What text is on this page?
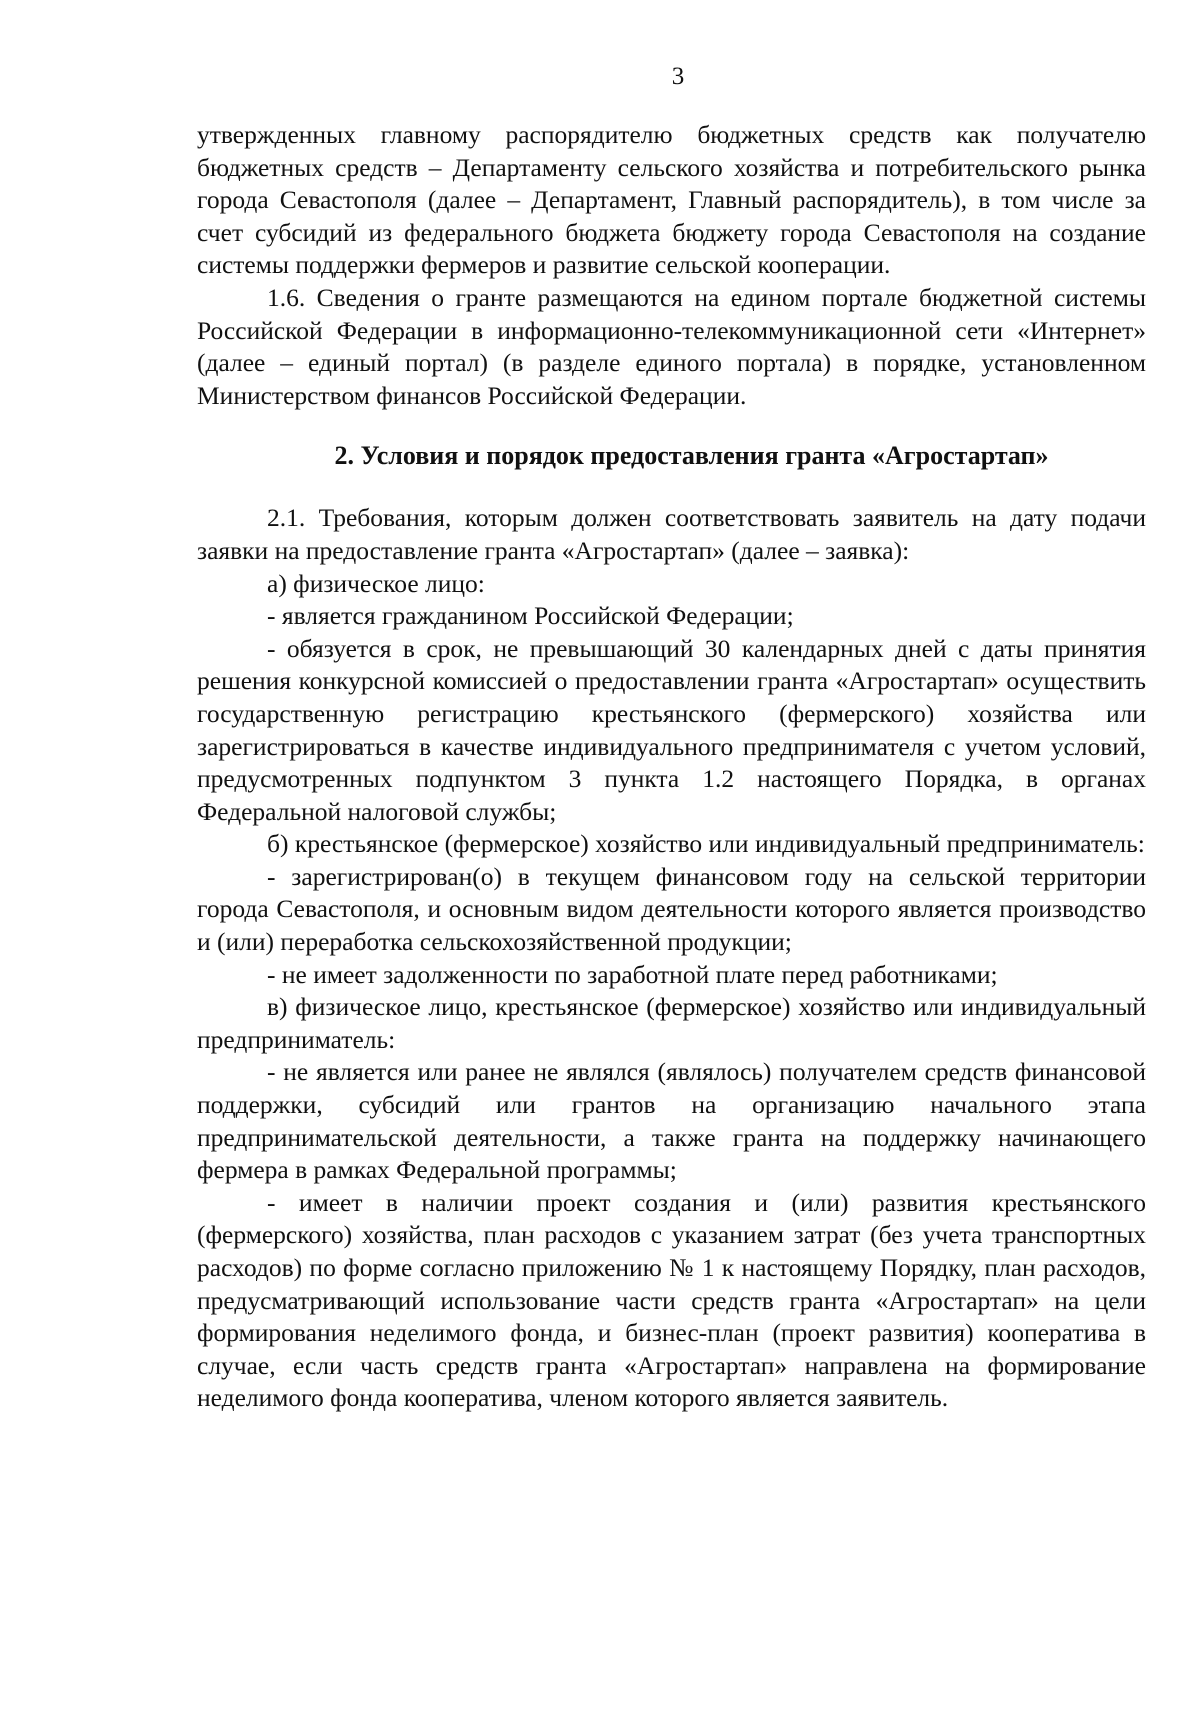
3

утвержденных главному распорядителю бюджетных средств как получателю бюджетных средств – Департаменту сельского хозяйства и потребительского рынка города Севастополя (далее – Департамент, Главный распорядитель), в том числе за счет субсидий из федерального бюджета бюджету города Севастополя на создание системы поддержки фермеров и развитие сельской кооперации.

1.6. Сведения о гранте размещаются на едином портале бюджетной системы Российской Федерации в информационно-телекоммуникационной сети «Интернет» (далее – единый портал) (в разделе единого портала) в порядке, установленном Министерством финансов Российской Федерации.

2. Условия и порядок предоставления гранта «Агростартап»

2.1. Требования, которым должен соответствовать заявитель на дату подачи заявки на предоставление гранта «Агростартап» (далее – заявка):

а) физическое лицо:

- является гражданином Российской Федерации;

- обязуется в срок, не превышающий 30 календарных дней с даты принятия решения конкурсной комиссией о предоставлении гранта «Агростартап» осуществить государственную регистрацию крестьянского (фермерского) хозяйства или зарегистрироваться в качестве индивидуального предпринимателя с учетом условий, предусмотренных подпунктом 3 пункта 1.2 настоящего Порядка, в органах Федеральной налоговой службы;

б) крестьянское (фермерское) хозяйство или индивидуальный предприниматель:

- зарегистрирован(о) в текущем финансовом году на сельской территории города Севастополя, и основным видом деятельности которого является производство и (или) переработка сельскохозяйственной продукции;

- не имеет задолженности по заработной плате перед работниками;

в) физическое лицо, крестьянское (фермерское) хозяйство или индивидуальный предприниматель:

- не является или ранее не являлся (являлось) получателем средств финансовой поддержки, субсидий или грантов на организацию начального этапа предпринимательской деятельности, а также гранта на поддержку начинающего фермера в рамках Федеральной программы;

- имеет в наличии проект создания и (или) развития крестьянского (фермерского) хозяйства, план расходов с указанием затрат (без учета транспортных расходов) по форме согласно приложению № 1 к настоящему Порядку, план расходов, предусматривающий использование части средств гранта «Агростартап» на цели формирования неделимого фонда, и бизнес-план (проект развития) кооператива в случае, если часть средств гранта «Агростартап» направлена на формирование неделимого фонда кооператива, членом которого является заявитель.
